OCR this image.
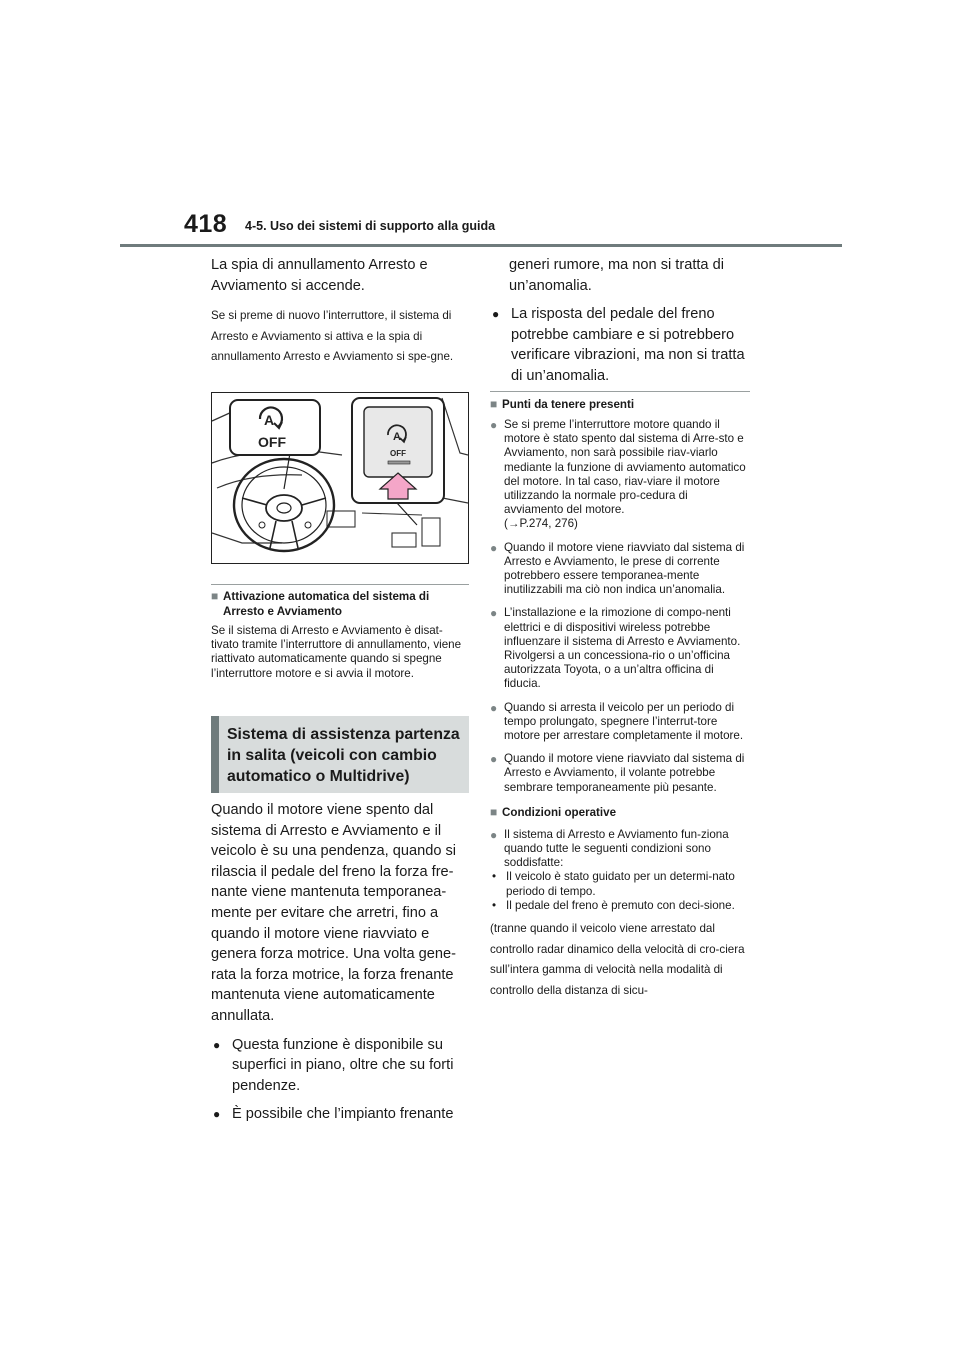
418 4-5. Uso dei sistemi di supporto alla guida

La spia di annullamento Arresto e Avviamento si accende.

Se si preme di nuovo l’interruttore, il sistema di Arresto e Avviamento si attiva e la spia di annullamento Arresto e Avviamento si spe-gne.

A
OFF	A
OFF
■ Attivazione automatica del sistema di Arresto e Avviamento

Se il sistema di Arresto e Avviamento è disat-tivato tramite l’interruttore di annullamento, viene riattivato automaticamente quando si spegne l’interruttore motore e si avvia il motore.

Sistema di assistenza partenza in salita (veicoli con cambio automatico o Multidrive)

Quando il motore viene spento dal sistema di Arresto e Avviamento e il veicolo è su una pendenza, quando si rilascia il pedale del freno la forza fre-nante viene mantenuta temporanea-mente per evitare che arretri, fino a quando il motore viene riavviato e genera forza motrice. Una volta gene-rata la forza motrice, la forza frenante mantenuta viene automaticamente annullata.

● Questa funzione è disponibile su superfici in piano, oltre che su forti pendenze.
● È possibile che l’impianto frenante

generi rumore, ma non si tratta di un’anomalia.

● La risposta del pedale del freno potrebbe cambiare e si potrebbero verificare vibrazioni, ma non si tratta di un’anomalia.
■ Punti da tenere presenti
● Se si preme l’interruttore motore quando il motore è stato spento dal sistema di Arre-sto e Avviamento, non sarà possibile riav-viarlo mediante la funzione di avviamento automatico del motore. In tal caso, riav-viare il motore utilizzando la normale pro-cedura di avviamento del motore.
(→P.274, 276)
● Quando il motore viene riavviato dal sistema di Arresto e Avviamento, le prese di corrente potrebbero essere temporanea-mente inutilizzabili ma ciò non indica un’anomalia.
● L’installazione e la rimozione di compo-nenti elettrici e di dispositivi wireless potrebbe influenzare il sistema di Arresto e Avviamento. Rivolgersi a un concessiona-rio o un’officina autorizzata Toyota, o a un’altra officina di fiducia.
● Quando si arresta il veicolo per un periodo di tempo prolungato, spegnere l’interrut-tore motore per arrestare completamente il motore.
● Quando il motore viene riavviato dal sistema di Arresto e Avviamento, il volante potrebbe sembrare temporaneamente più pesante.
■ Condizioni operative
● Il sistema di Arresto e Avviamento fun-ziona quando tutte le seguenti condizioni sono soddisfatte:
• Il veicolo è stato guidato per un determi-nato periodo di tempo.
• Il pedale del freno è premuto con deci-sione.

(tranne quando il veicolo viene arrestato dal controllo radar dinamico della velocità di cro-ciera sull’intera gamma di velocità nella modalità di controllo della distanza di sicu-
